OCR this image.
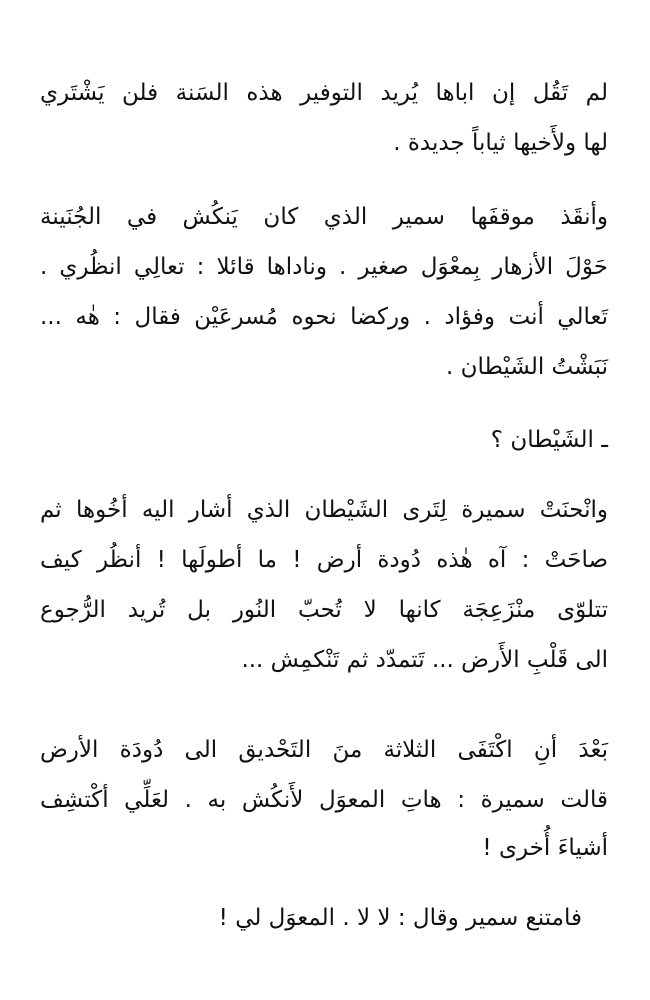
لم تَقُل إن اباها يُريد التوفير هذه السَنة فلن يَشْتَري
لها ولأَخيها ثياباً جديدة .
وأنقَذ موقفَها سمير الذي كان يَنكُش في الجُنَينة
حَوْلَ الأزهار بِمعْوَل صغير . وناداها قائلا : تعالِي انظُري .
تَعالي أنت وفؤاد . وركضا نحوه مُسرعَيْن فقال : هٰه ...
نَبَشْتُ الشَيْطان .
ـ الشَيْطان ؟
وانْحنَتْ سميرة لِتَرى الشَيْطان الذي أشار اليه أخُوها ثم
صاحَتْ : آه هٰذه دُودة أرض ! ما أطولَها ! أنظُر كيف
تتلوّى منْزَعِجَة كانها لا تُحبّ النُور بل تُريد الرُّجوع
الى قَلْبِ الأَرض ... تَتمدّد ثم تَنْكمِش ...
بَعْدَ أنِ اكْتَفَى الثلاثة منَ التَحْديق الى دُودَة الأرض
قالت سميرة : هاتِ المعوَل لأَنكُش به . لعَلِّي أكْتشِف
أشياءَ أُخرى !
فامتنع سمير وقال : لا لا . المعوَل لي !
